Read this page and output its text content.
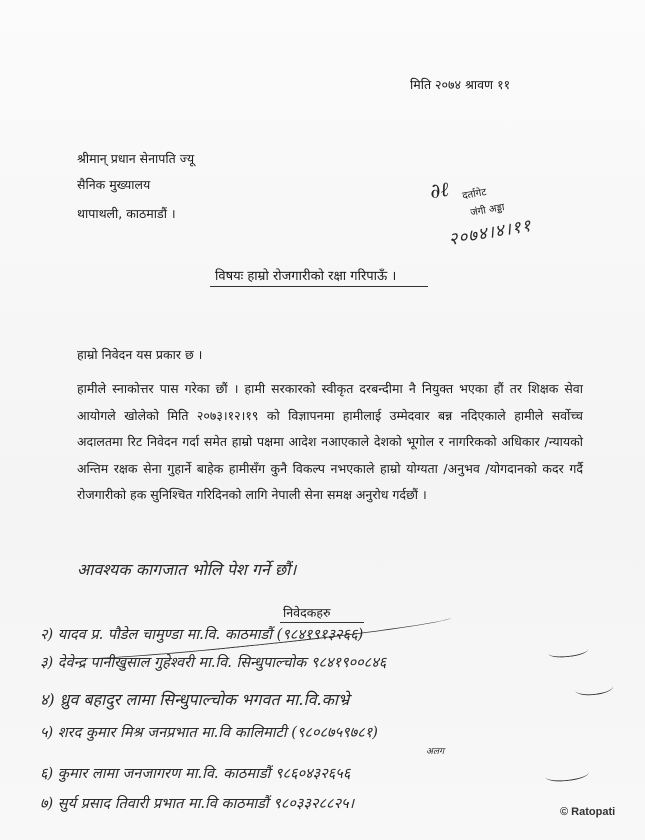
मिति २०७४ श्रावण ११
श्रीमान् प्रधान सेनापति ज्यू
सैनिक मुख्यालय
थापाथली, काठमाडौं ।
∂ℓ दर्तागेट
जंगी अड्डा
२०७४।४।११
विषयः हाम्रो रोजगारीको रक्षा गरिपाऊँ ।
हाम्रो निवेदन यस प्रकार छ ।
हामीले स्नाकोत्तर पास गरेका छौं । हामी सरकारको स्वीकृत दरबन्दीमा नै नियुक्त भएका हौं तर शिक्षक सेवा आयोगले खोलेको मिति २०७३।१२।१९ को विज्ञापनमा हामीलाई उम्मेदवार बन्न नदिएकाले हामीले सर्वोच्च अदालतमा रिट निवेदन गर्दा समेत हाम्रो पक्षमा आदेश नआएकाले देशको भूगोल र नागरिकको अधिकार /न्यायको अन्तिम रक्षक सेना गुहार्ने बाहेक हामीसँग कुनै विकल्प नभएकाले हाम्रो योग्यता /अनुभव /योगदानको कदर गर्दै रोजगारीको हक सुनिश्चित गरिदिनको लागि नेपाली सेना समक्ष अनुरोध गर्दछौं ।
आवश्यक कागजात भोलि पेश गर्ने छौं।
निवेदकहरु
२) यादव प्र. पौडेल चामुण्डा मा.वि. काठमाडौं (९८४१९१३२६६)
३) देवेन्द्र पानीखुसाल गुहेश्वरी मा.वि. सिन्धुपाल्चोक ९८४१९००८४६
४) ध्रुव बहादुर लामा सिन्धुपाल्चोक भगवत मा.वि.काभ्रे
५) शरद कुमार मिश्र जनप्रभात मा.वि कालिमाटी (९८०८७५९७८१)
अलग
६) कुमार लामा जनजागरण मा.वि. काठमाडौं ९८६०४३२६५६
७) सुर्य प्रसाद तिवारी प्रभात मा.वि काठमाडौं ९८०३३२८८२५।	© Ratopati
